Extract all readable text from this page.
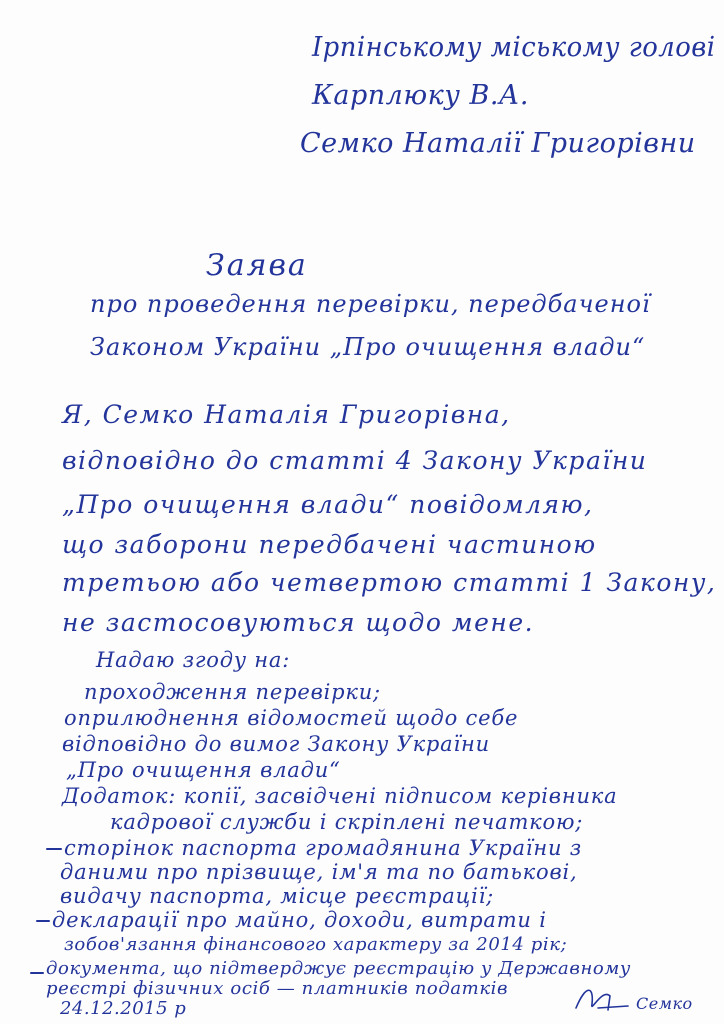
Ірпінському міському голові
Карплюку В.А.
Семко Наталії Григорівни
Заява
про проведення перевірки, передбаченої
Законом України „Про очищення влади“
Я, Семко Наталія Григорівна,
відповідно до статті 4 Закону України
„Про очищення влади“ повідомляю,
що заборони передбачені частиною
третьою або четвертою статті 1 Закону,
не застосовуються щодо мене.
Надаю згоду на:
проходження перевірки;
оприлюднення відомостей щодо себе
відповідно до вимог Закону України
„Про очищення влади“
Додаток: копії, засвідчені підписом керівника
кадрової служби і скріплені печаткою;
сторінок паспорта громадянина України з
даними про прізвище, ім'я та по батькові,
видачу паспорта, місце реєстрації;
декларації про майно, доходи, витрати і
зобов'язання фінансового характеру за 2014 рік;
документа, що підтверджує реєстрацію у Державному
реєстрі фізичних осіб — платників податків
24.12.2015 р	Семко
